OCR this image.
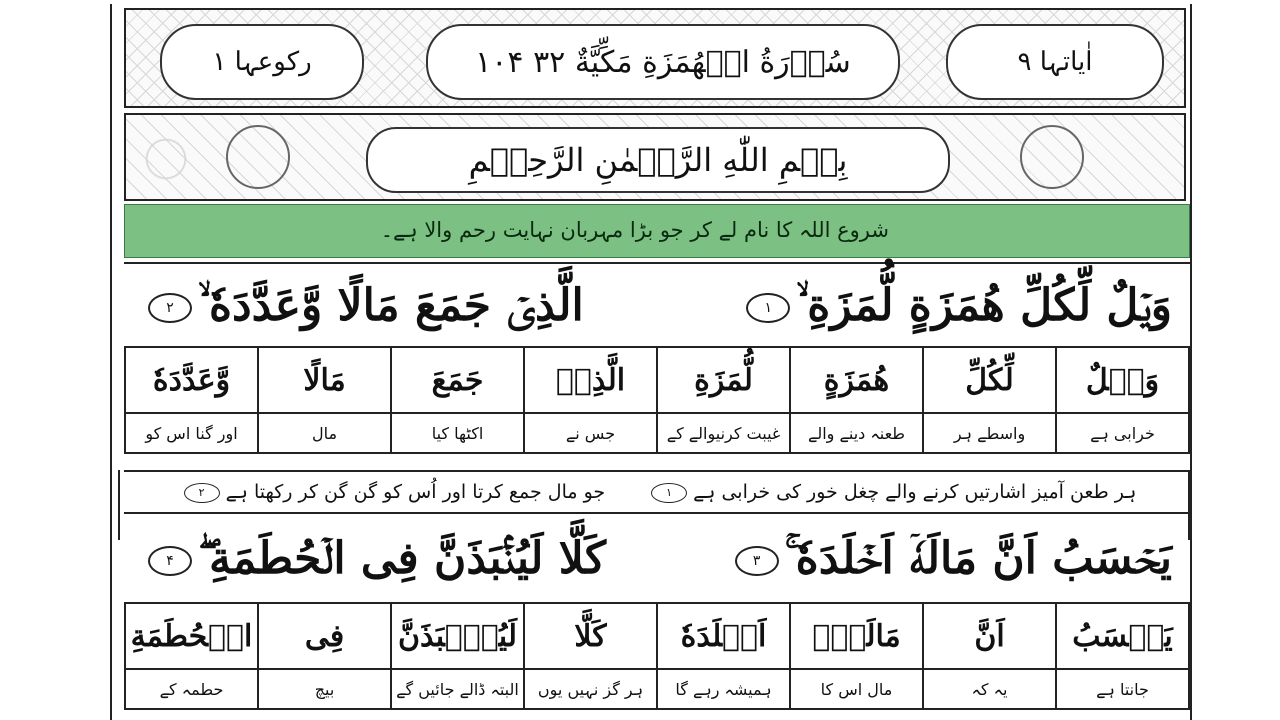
رکوعہا ۱	۱۰۴ سُوۡرَةُ الۡهُمَزَةِ مَكِّيَّةٌ ۳۲	اٰیاتہا ۹
بِسۡمِ اللّٰهِ الرَّحۡمٰنِ الرَّحِيۡمِ
شروع اللہ کا نام لے کر جو بڑا مہربان نہایت رحم والا ہے۔
وَيۡلٌ لِّكُلِّ هُمَزَةٍ لُّمَزَةِ ۙ۱
الَّذِىۡ جَمَعَ مَالًا وَّعَدَّدَهٗ ۙ۲
وَيۡلٌ	لِّكُلِّ	هُمَزَةٍ	لُّمَزَةِ	الَّذِىۡ	جَمَعَ	مَالًا	وَّعَدَّدَهٗ
خرابی ہے	واسطے ہر	طعنہ دینے والے	غیبت کرنیوالے کے	جس نے	اکٹھا کیا	مال	اور گنا اس کو
ہر طعن آمیز اشارتیں کرنے والے چغل خور کی خرابی ہے۱
جو مال جمع کرتا اور اُس کو گن گن کر رکھتا ہے۲
يَحۡسَبُ اَنَّ مَالَهٗۤ اَخۡلَدَهٗ ۚ۳
كَلَّا لَيُنۡۢبَذَنَّ فِى الۡحُطَمَةِ ۖ۴
يَحۡسَبُ	اَنَّ	مَالَهٗۤ	اَخۡلَدَهٗ	كَلَّا	لَيُنۡۢبَذَنَّ	فِى	الۡحُطَمَةِ
جانتا ہے	یہ کہ	مال اس کا	ہمیشہ رہے گا	ہر گز نہیں یوں	البتہ ڈالے جائیں گے	بیچ	حطمہ کے
